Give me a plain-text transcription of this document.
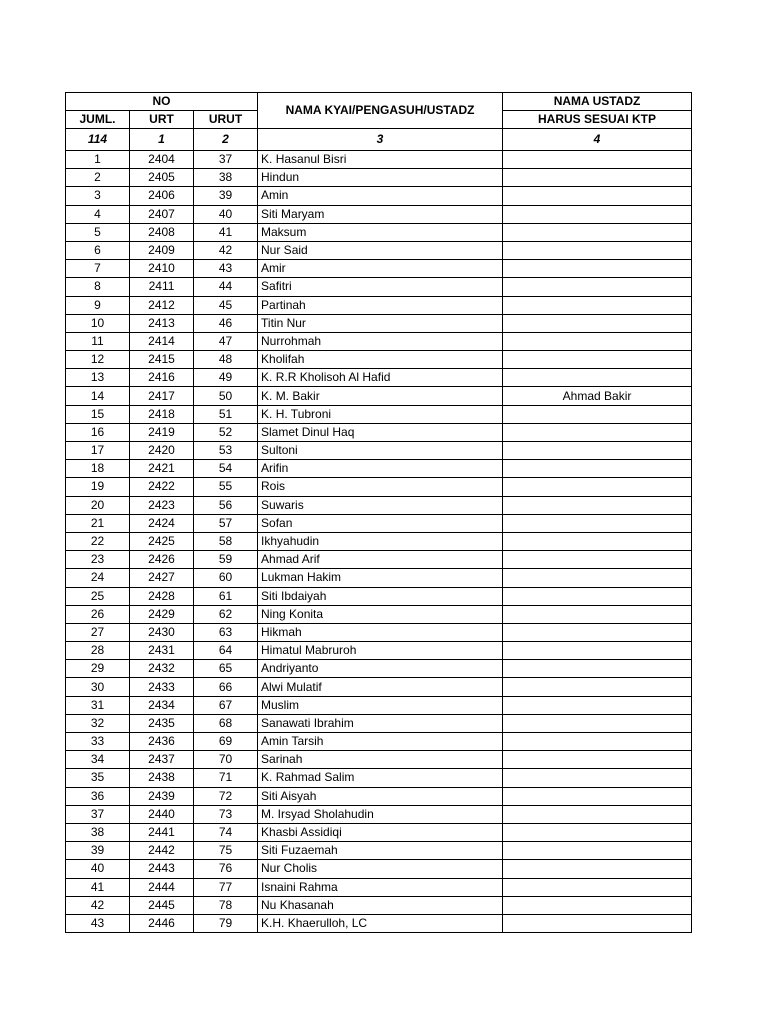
NO			NAMA KYAI/PENGASUH/USTADZ	NAMA USTADZ
JUML.	URT	URUT		HARUS SESUAI KTP
114	1	2	3	4
1	2404	37	K. Hasanul Bisri	
2	2405	38	Hindun	
3	2406	39	Amin	
4	2407	40	Siti Maryam	
5	2408	41	Maksum	
6	2409	42	Nur Said	
7	2410	43	Amir	
8	2411	44	Safitri	
9	2412	45	Partinah	
10	2413	46	Titin Nur	
11	2414	47	Nurrohmah	
12	2415	48	Kholifah	
13	2416	49	K. R.R Kholisoh Al Hafid	
14	2417	50	K. M. Bakir	Ahmad Bakir
15	2418	51	K. H. Tubroni	
16	2419	52	Slamet Dinul Haq	
17	2420	53	Sultoni	
18	2421	54	Arifin	
19	2422	55	Rois	
20	2423	56	Suwaris	
21	2424	57	Sofan	
22	2425	58	Ikhyahudin	
23	2426	59	Ahmad Arif	
24	2427	60	Lukman Hakim	
25	2428	61	Siti Ibdaiyah	
26	2429	62	Ning Konita	
27	2430	63	Hikmah	
28	2431	64	Himatul Mabruroh	
29	2432	65	Andriyanto	
30	2433	66	Alwi Mulatif	
31	2434	67	Muslim	
32	2435	68	Sanawati Ibrahim	
33	2436	69	Amin Tarsih	
34	2437	70	Sarinah	
35	2438	71	K. Rahmad Salim	
36	2439	72	Siti Aisyah	
37	2440	73	M. Irsyad Sholahudin	
38	2441	74	Khasbi Assidiqi	
39	2442	75	Siti Fuzaemah	
40	2443	76	Nur Cholis	
41	2444	77	Isnaini Rahma	
42	2445	78	Nu Khasanah	
43	2446	79	K.H. Khaerulloh, LC	
